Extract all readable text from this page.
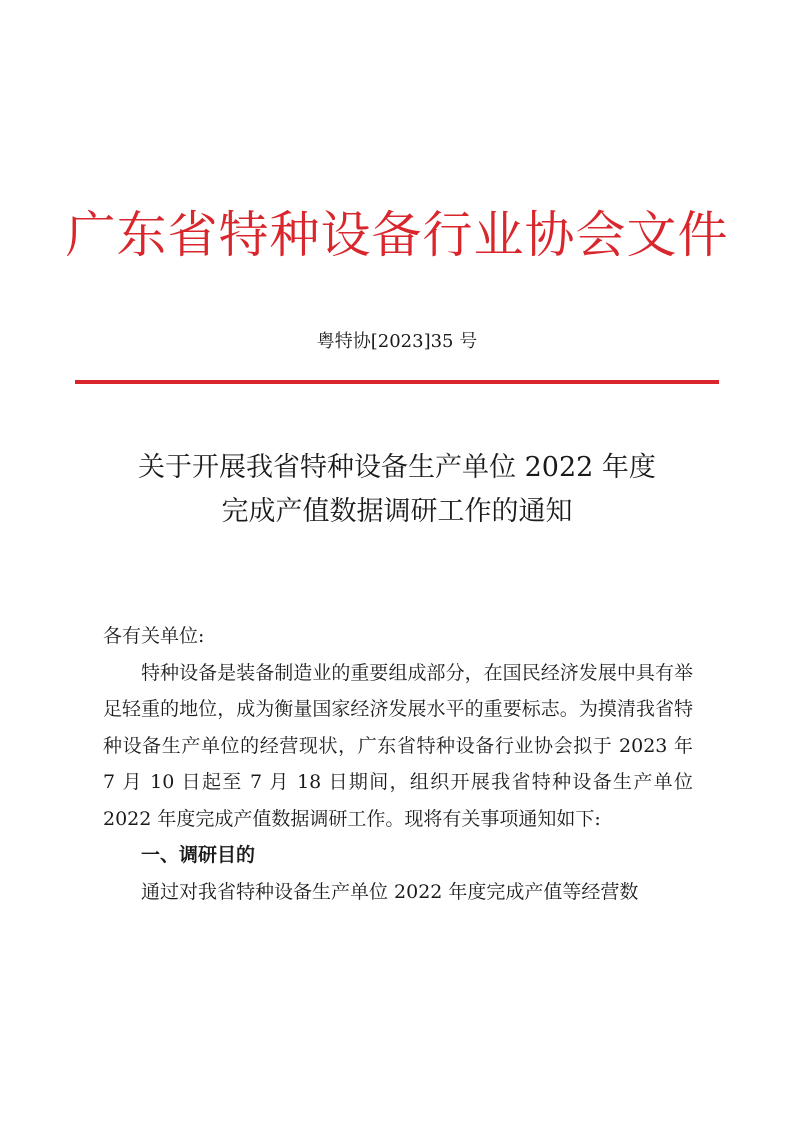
广东省特种设备行业协会文件
粤特协[2023]35 号
关于开展我省特种设备生产单位 2022 年度
完成产值数据调研工作的通知

各有关单位:

特种设备是装备制造业的重要组成部分，在国民经济发展中具有举足轻重的地位，成为衡量国家经济发展水平的重要标志。为摸清我省特种设备生产单位的经营现状，广东省特种设备行业协会拟于 2023 年 7 月 10 日起至 7 月 18 日期间，组织开展我省特种设备生产单位 2022 年度完成产值数据调研工作。现将有关事项通知如下:

一、调研目的

通过对我省特种设备生产单位 2022 年度完成产值等经营数
